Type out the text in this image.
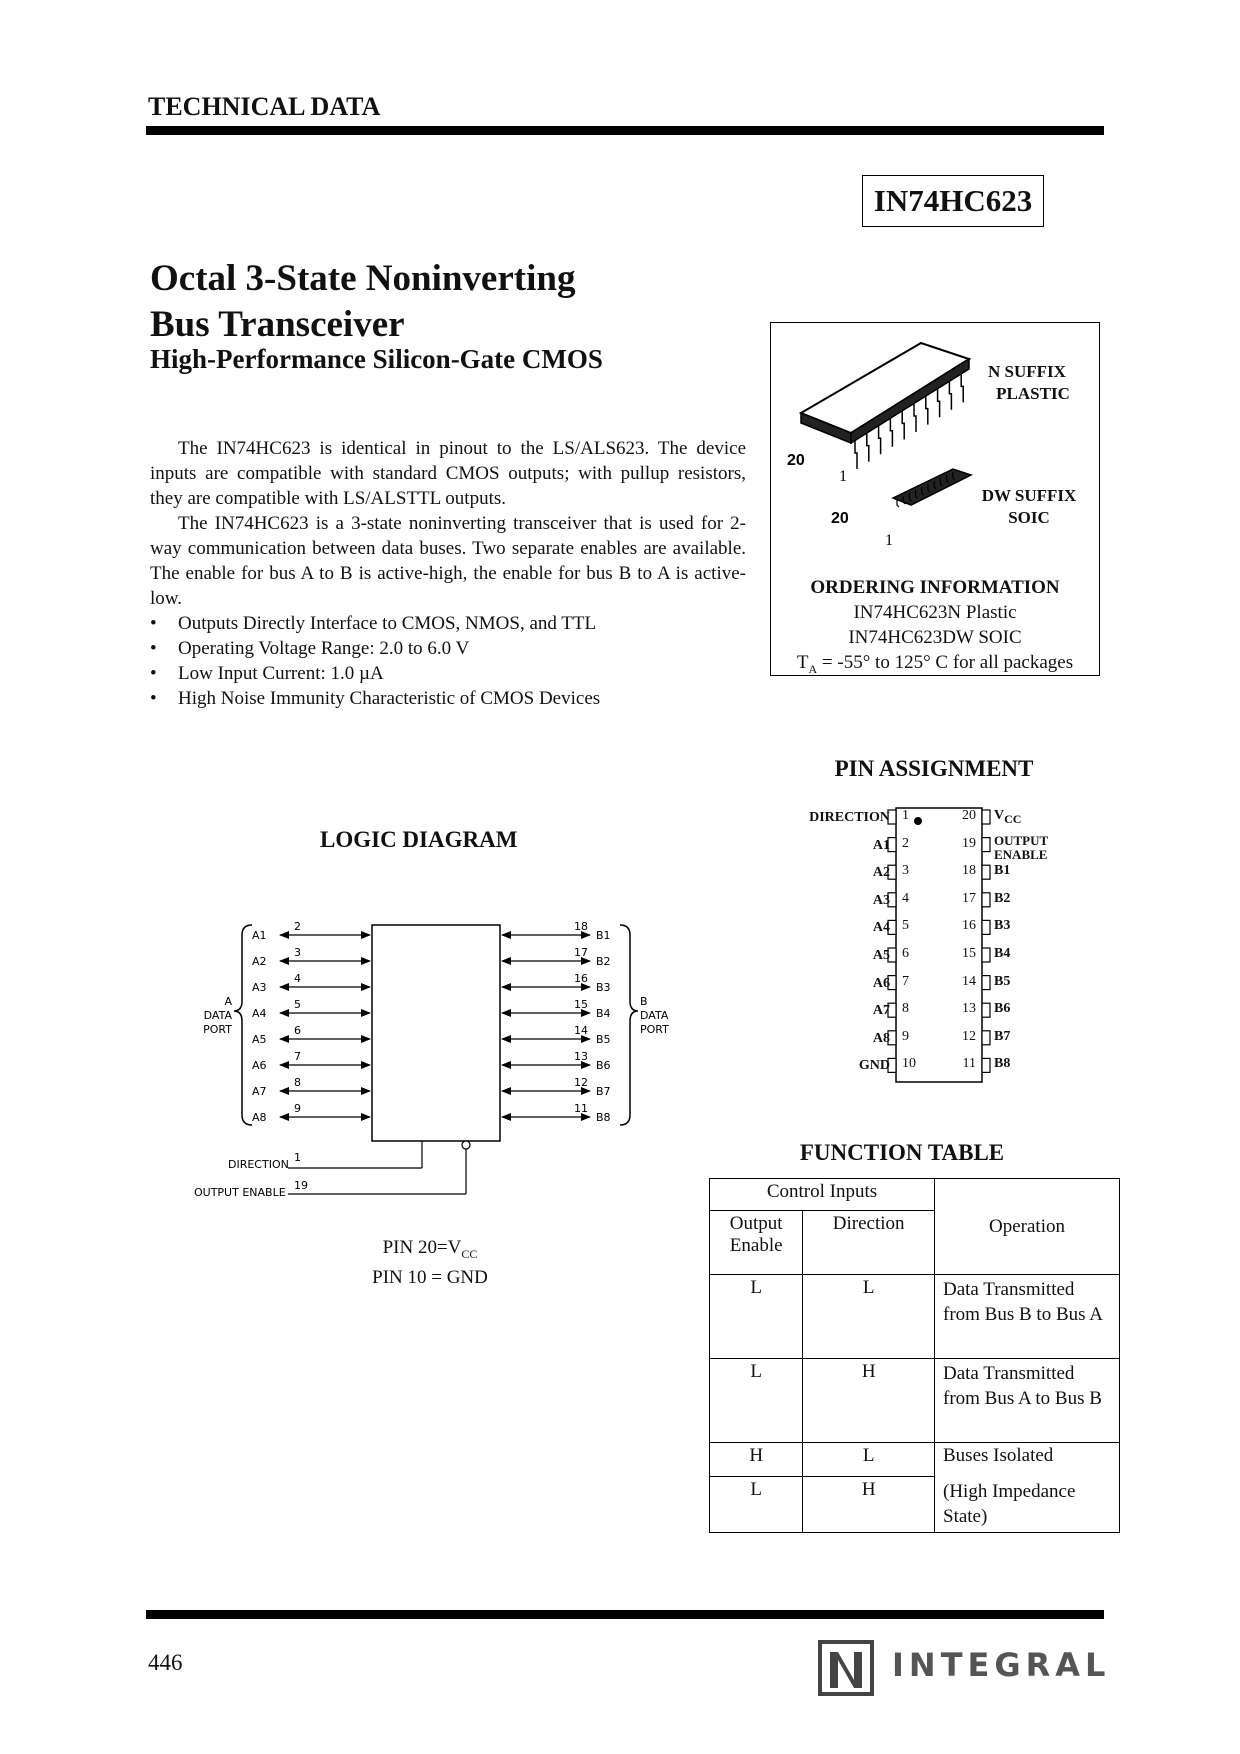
TECHNICAL DATA
IN74HC623
Octal 3-State Noninverting
Bus Transceiver
High-Performance Silicon-Gate CMOS

The IN74HC623 is identical in pinout to the LS/ALS623. The device inputs are compatible with standard CMOS outputs; with pullup resistors, they are compatible with LS/ALSTTL outputs.

The IN74HC623 is a 3-state noninverting transceiver that is used for 2-way communication between data buses. Two separate enables are available. The enable for bus A to B is active-high, the enable for bus B to A is active-low.

• Outputs Directly Interface to CMOS, NMOS, and TTL
• Operating Voltage Range: 2.0 to 6.0 V
• Low Input Current: 1.0 µA
• High Noise Immunity Characteristic of CMOS Devices
20
1
20
1
N SUFFIX
PLASTIC
DW SUFFIX
SOIC
ORDERING INFORMATION
IN74HC623N Plastic
IN74HC623DW SOIC
$T_A = -55^\circ$ to 125° C for all packages
PIN ASSIGNMENT
DIRECTION 1
A1 2
A2 3
A3 4
A4 5
A5 6
A6 7
A7 8
A8 9
GND 10
20 $V_{CC}$
19 OUTPUT
ENABLE
18 B1
17 B2
16 B3
15 B4
14 B5
13 B6
12 B7
11 B8
LOGIC DIAGRAM
A1
2
A2
3
A3
4
A4
5
A5
6
A6
7
A7
8
A8
9
B1
18
B2
17
B3
16
B4
15
B5
14
B6
13
B7
12
B8
11
DIRECTION
1
OUTPUT ENABLE
19
A
DATA
PORT
B
DATA
PORT
PIN $20=V_{CC}$
PIN 10 = GND
FUNCTION TABLE
Control Inputs		Operation
Output Enable	Direction	
L	L	Data Transmitted from Bus B to Bus A
L	H	Data Transmitted from Bus A to Bus B
H	L	Buses Isolated
L	H	(High Impedance State)
446	INTEGRAL
